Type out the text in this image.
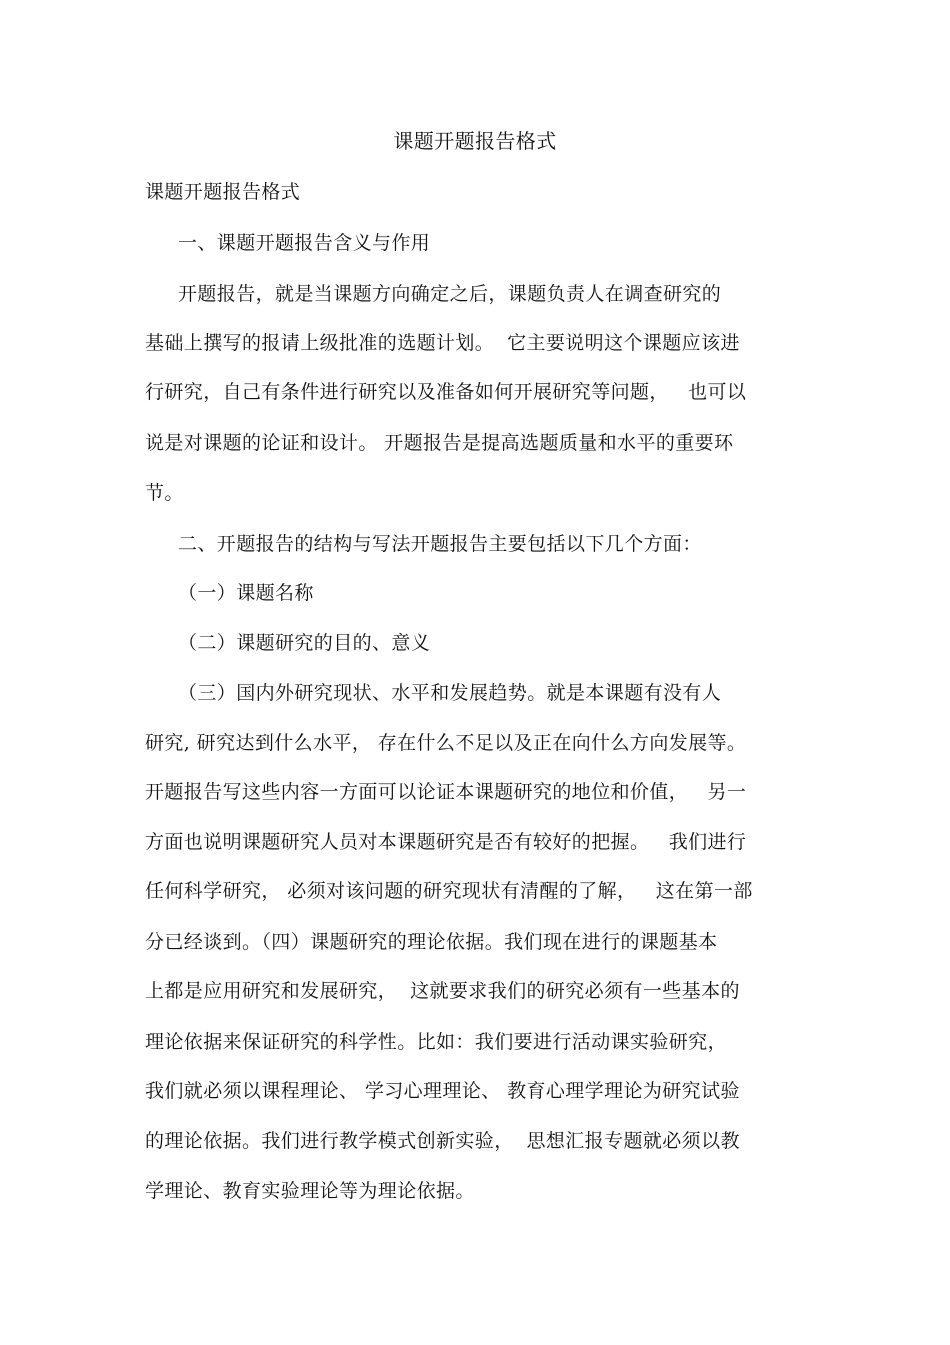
课题开题报告格式
课题开题报告格式
一、课题开题报告含义与作用
开题报告，就是当课题方向确定之后，课题负责人在调查研究的
基础上撰写的报请上级批准的选题计划。  它主要说明这个课题应该进
行研究，自己有条件进行研究以及准备如何开展研究等问题，   也可以
说是对课题的论证和设计。 开题报告是提高选题质量和水平的重要环
节。
二、开题报告的结构与写法开题报告主要包括以下几个方面：
（一）课题名称
（二）课题研究的目的、意义
（三）国内外研究现状、水平和发展趋势。就是本课题有没有人
研究, 研究达到什么水平， 存在什么不足以及正在向什么方向发展等。
开题报告写这些内容一方面可以论证本课题研究的地位和价值，   另一
方面也说明课题研究人员对本课题研究是否有较好的把握。   我们进行
任何科学研究， 必须对该问题的研究现状有清醒的了解，   这在第一部
分已经谈到。（四）课题研究的理论依据。我们现在进行的课题基本
上都是应用研究和发展研究，  这就要求我们的研究必须有一些基本的
理论依据来保证研究的科学性。比如：我们要进行活动课实验研究，
我们就必须以课程理论、 学习心理理论、 教育心理学理论为研究试验
的理论依据。我们进行教学模式创新实验，  思想汇报专题就必须以教
学理论、教育实验理论等为理论依据。
